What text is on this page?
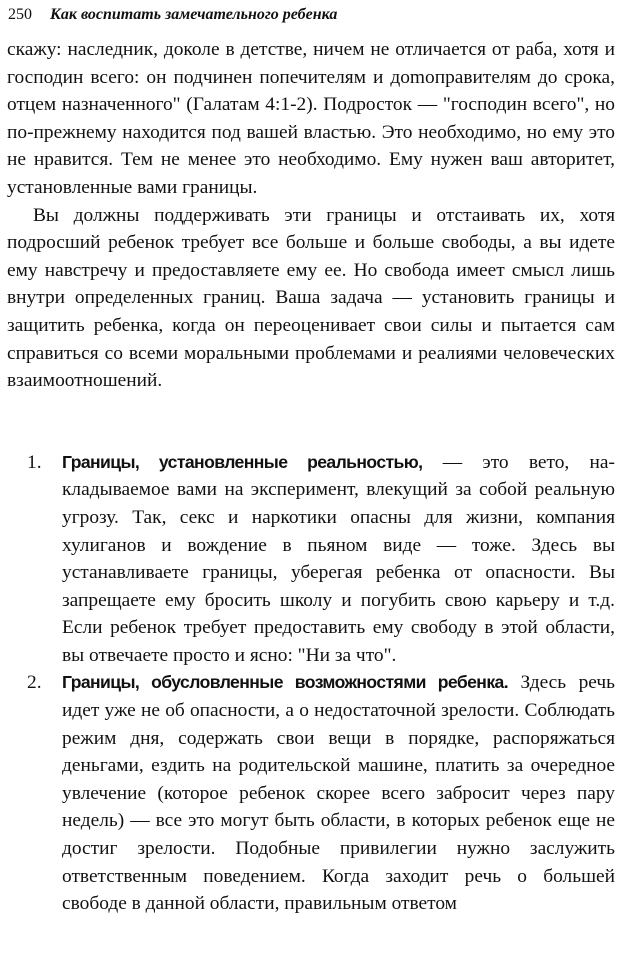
250 Как воспитать замечательного ребенка

скажу: наследник, доколе в детстве, ничем не отличается от раба, хотя и господин всего: он подчинен попечителям и доmоправителям до срока, отцем назначенного" (Галатам 4:1-2). Подросток — "господин всего", но по-прежнему находится под вашей властью. Это необходимо, но ему это не нравится. Тем не менее это необходимо. Ему нужен ваш авторитет, установленные вами границы.

Вы должны поддерживать эти границы и отстаивать их, хотя подросший ребенок требует все больше и больше свободы, а вы идете ему навстречу и предоставляете ему ее. Но свобода имеет смысл лишь внутри определенных границ. Ваша задача — установить границы и защитить ребенка, когда он переоценивает свои силы и пытается сам справиться со всеми моральными проблемами и реалиями человеческих взаимоотношений.

1. Границы, установленные реальностью, — это вето, накладываемое вами на эксперимент, влекущий за собой реальную угрозу. Так, секс и наркотики опасны для жизни, компания хулиганов и вождение в пьяном виде — тоже. Здесь вы устанавливаете границы, уберегая ребенка от опасности. Вы запрещаете ему бросить школу и погубить свою карьеру и т.д. Если ребенок требует предоставить ему свободу в этой области, вы отвечаете просто и ясно: "Ни за что".
2. Границы, обусловленные возможностями ребенка. Здесь речь идет уже не об опасности, а о недостаточной зрелости. Соблюдать режим дня, содержать свои вещи в порядке, распоряжаться деньгами, ездить на родительской машине, платить за очередное увлечение (которое ребенок скорее всего забросит через пару недель) — все это могут быть области, в которых ребенок еще не достиг зрелости. Подобные привилегии нужно заслужить ответственным поведением. Когда заходит речь о большей свободе в данной области, правильным ответом
